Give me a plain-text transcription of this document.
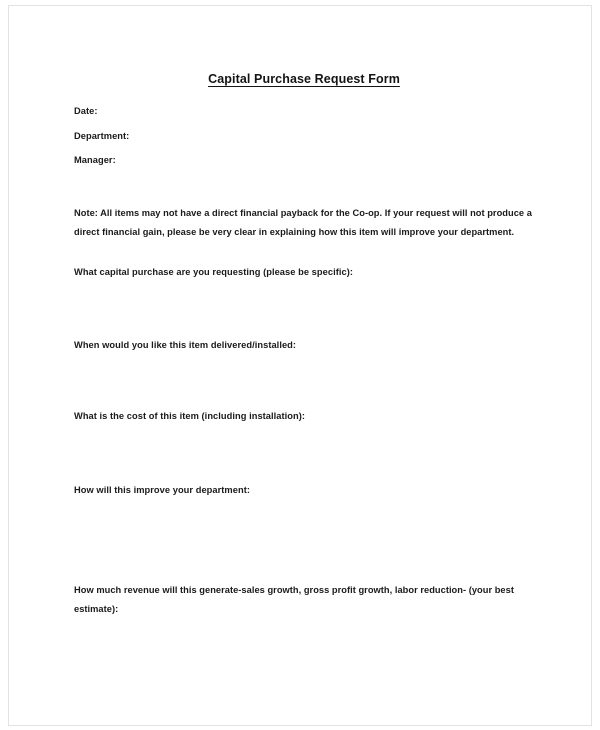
Capital Purchase Request Form
Date:
Department:
Manager:
Note: All items may not have a direct financial payback for the Co-op. If your request will not produce a direct financial gain, please be very clear in explaining how this item will improve your department.
What capital purchase are you requesting (please be specific):
When would you like this item delivered/installed:
What is the cost of this item (including installation):
How will this improve your department:
How much revenue will this generate-sales growth, gross profit growth, labor reduction- (your best estimate):
